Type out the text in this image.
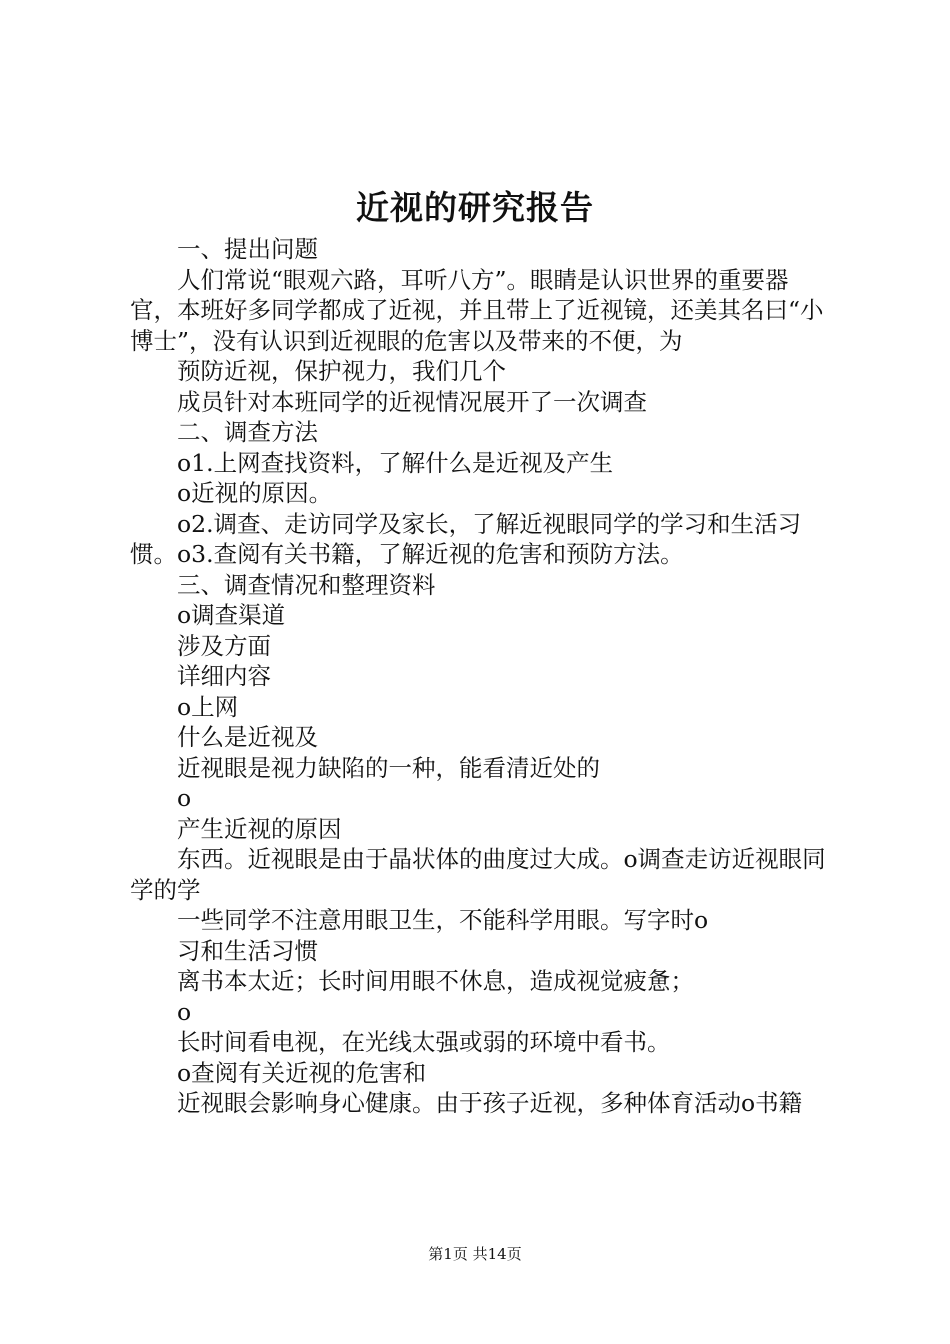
近视的研究报告

一、提出问题

人们常说“眼观六路，耳听八方”。眼睛是认识世界的重要器官，本班好多同学都成了近视，并且带上了近视镜，还美其名曰“小博士”，没有认识到近视眼的危害以及带来的不便，为

预防近视，保护视力，我们几个

成员针对本班同学的近视情况展开了一次调查

二、调查方法

o1.上网查找资料，了解什么是近视及产生

o近视的原因。

o2.调查、走访同学及家长，了解近视眼同学的学习和生活习惯。o3.查阅有关书籍，了解近视的危害和预防方法。

三、调查情况和整理资料

o调查渠道

涉及方面

详细内容

o上网

什么是近视及

近视眼是视力缺陷的一种，能看清近处的

o

产生近视的原因

东西。近视眼是由于晶状体的曲度过大成。o调查走访近视眼同学的学

一些同学不注意用眼卫生，不能科学用眼。写字时o

习和生活习惯

离书本太近；长时间用眼不休息，造成视觉疲惫；

o

长时间看电视，在光线太强或弱的环境中看书。

o查阅有关近视的危害和

近视眼会影响身心健康。由于孩子近视，多种体育活动o书籍

第1页 共14页
